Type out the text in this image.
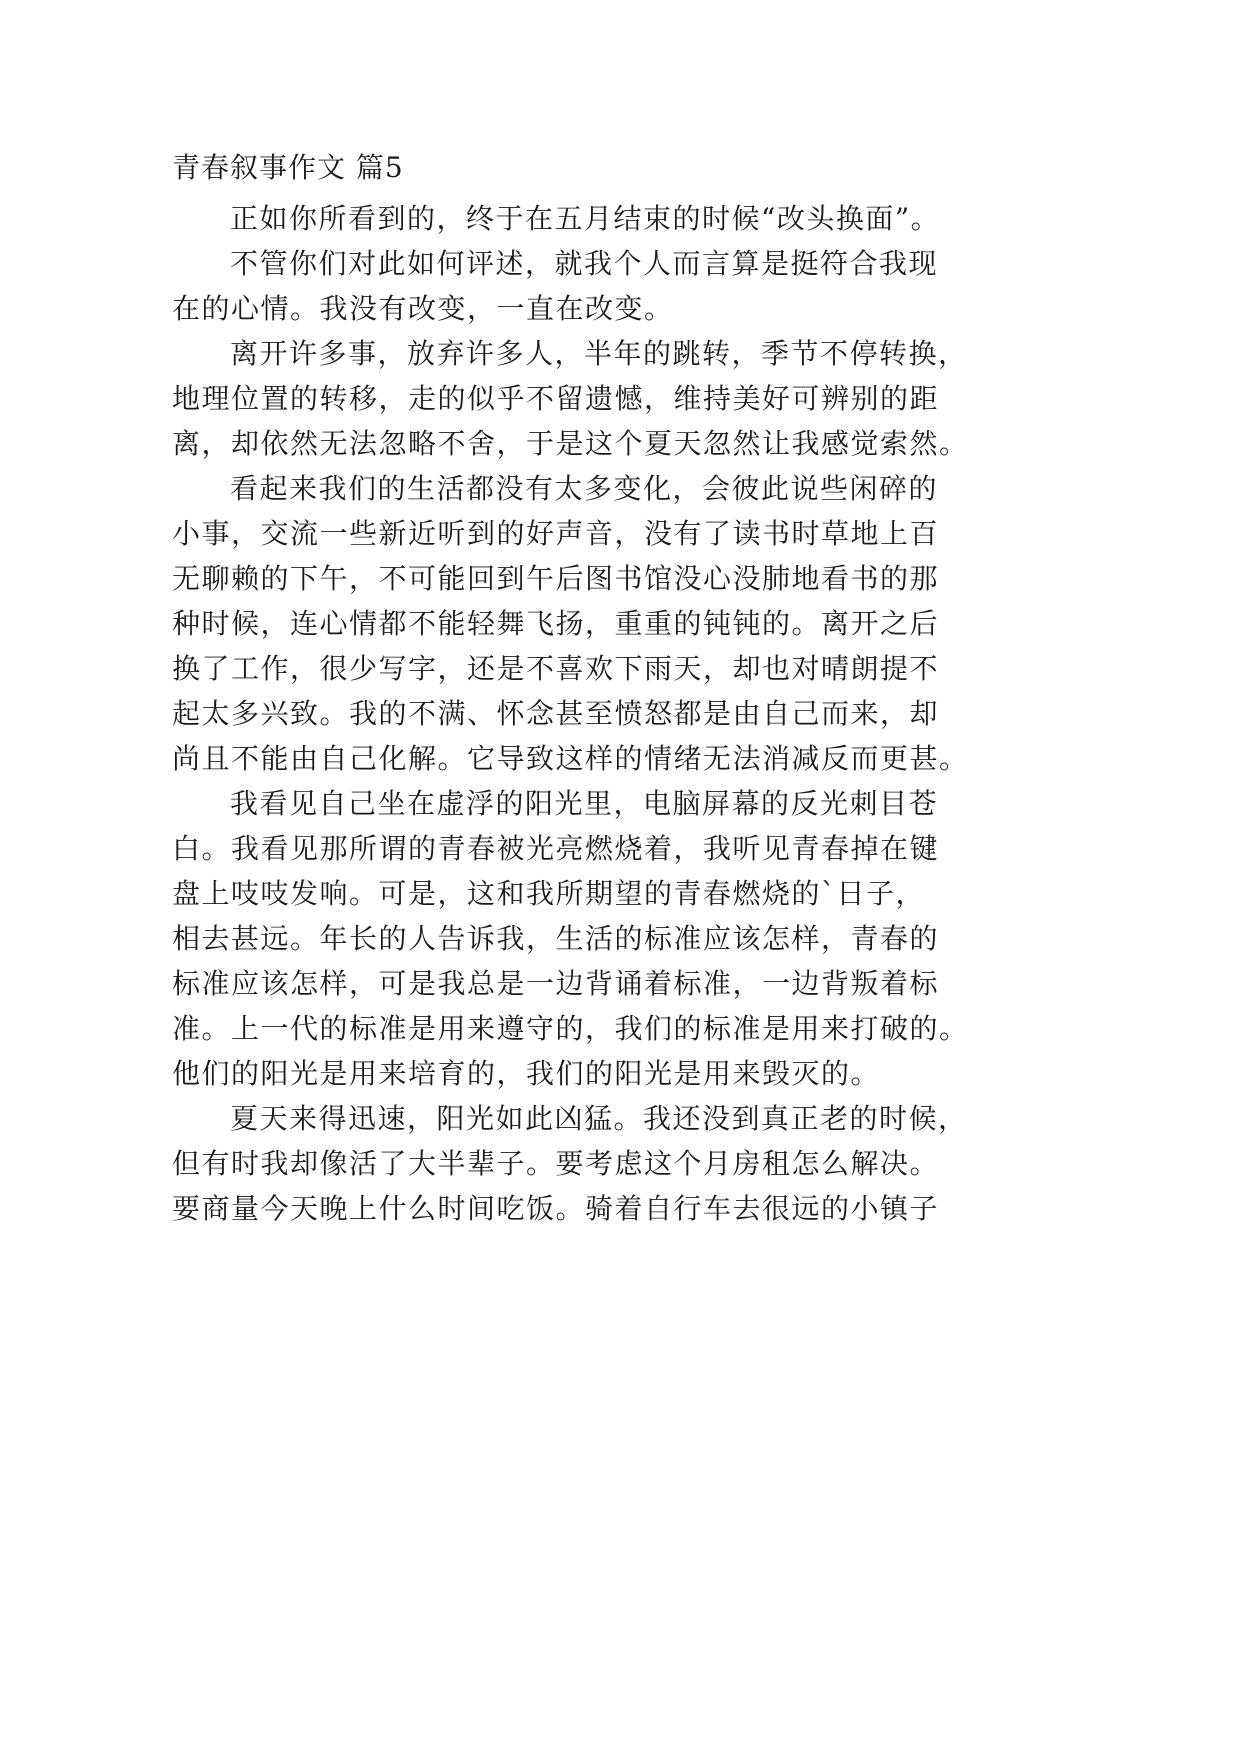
青春叙事作文 篇5
正如你所看到的，终于在五月结束的时候“改头换面”。
不管你们对此如何评述，就我个人而言算是挺符合我现
在的心情。我没有改变，一直在改变。
离开许多事，放弃许多人，半年的跳转，季节不停转换，
地理位置的转移，走的似乎不留遗憾，维持美好可辨别的距
离，却依然无法忽略不舍，于是这个夏天忽然让我感觉索然。
看起来我们的生活都没有太多变化，会彼此说些闲碎的
小事，交流一些新近听到的好声音，没有了读书时草地上百
无聊赖的下午，不可能回到午后图书馆没心没肺地看书的那
种时候，连心情都不能轻舞飞扬，重重的钝钝的。离开之后
换了工作，很少写字，还是不喜欢下雨天，却也对晴朗提不
起太多兴致。我的不满、怀念甚至愤怒都是由自己而来，却
尚且不能由自己化解。它导致这样的情绪无法消减反而更甚。
我看见自己坐在虚浮的阳光里，电脑屏幕的反光刺目苍
白。我看见那所谓的青春被光亮燃烧着，我听见青春掉在键
盘上吱吱发响。可是，这和我所期望的青春燃烧的`日子，
相去甚远。年长的人告诉我，生活的标准应该怎样，青春的
标准应该怎样，可是我总是一边背诵着标准，一边背叛着标
准。上一代的标准是用来遵守的，我们的标准是用来打破的。
他们的阳光是用来培育的，我们的阳光是用来毁灭的。
夏天来得迅速，阳光如此凶猛。我还没到真正老的时候，
但有时我却像活了大半辈子。要考虑这个月房租怎么解决。
要商量今天晚上什么时间吃饭。骑着自行车去很远的小镇子
